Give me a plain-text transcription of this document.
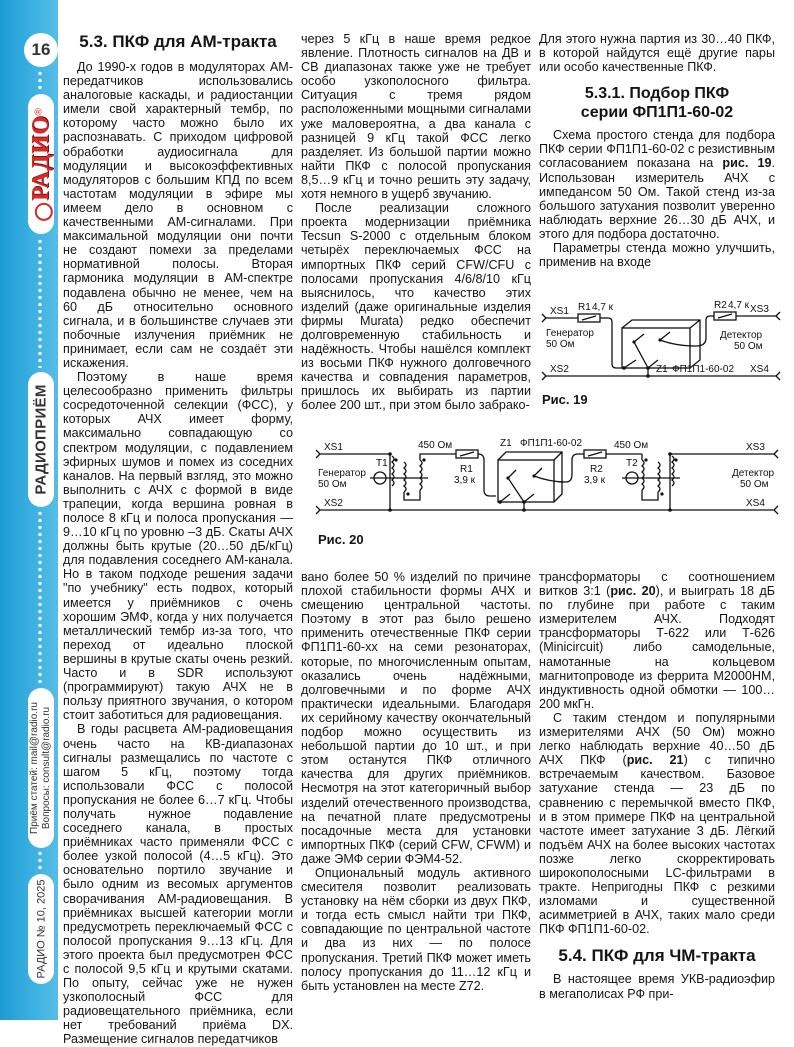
16
РАДИО®
РАДИОПРИЁМ
Приём статей: mail@radio.ru Вопросы: consult@radio.ru
РАДИО № 10, 2025
5.3. ПКФ для АМ-тракта

До 1990-х годов в модуляторах АМ-передатчиков использовались аналоговые каскады, и радиостанции имели свой характерный тембр, по которому часто можно было их распознавать. С приходом цифровой обработки аудиосигнала для модуляции и высокоэффективных модуляторов с большим КПД по всем частотам модуляции в эфире мы имеем дело в основном с качественными АМ-сигналами. При максимальной модуляции они почти не создают помехи за пределами нормативной полосы. Вторая гармоника модуляции в АМ-спектре подавлена обычно не менее, чем на 60 дБ относительно основного сигнала, и в большинстве случаев эти побочные излучения приёмник не принимает, если сам не создаёт эти искажения.

Поэтому в наше время целесообразно применить фильтры сосредоточенной селекции (ФСС), у которых АЧХ имеет форму, максимально совпадающую со спектром модуляции, с подавлением эфирных шумов и помех из соседних каналов. На первый взгляд, это можно выполнить с АЧХ с формой в виде трапеции, когда вершина ровная в полосе 8 кГц и полоса пропускания — 9…10 кГц по уровню –3 дБ. Скаты АЧХ должны быть крутые (20…50 дБ/кГц) для подавления соседнего АМ-канала. Но в таком подходе решения задачи "по учебнику" есть подвох, который имеется у приёмников с очень хорошим ЭМФ, когда у них получается металлический тембр из-за того, что переход от идеально плоской вершины в крутые скаты очень резкий. Часто и в SDR используют (программируют) такую АЧХ не в пользу приятного звучания, о котором стоит заботиться для радиовещания.

В годы расцвета АМ-радиовещания очень часто на КВ-диапазонах сигналы размещались по частоте с шагом 5 кГц, поэтому тогда использовали ФСС с полосой пропускания не более 6…7 кГц. Чтобы получать нужное подавление соседнего канала, в простых приёмниках часто применяли ФСС с более узкой полосой (4…5 кГц). Это основательно портило звучание и было одним из весомых аргументов сворачивания АМ-радиовещания. В приёмниках высшей категории могли предусмотреть переключаемый ФСС с полосой пропускания 9…13 кГц. Для этого проекта был предусмотрен ФСС с полосой 9,5 кГц и крутыми скатами. По опыту, сейчас уже не нужен узкополосный ФСС для радиовещательного приёмника, если нет требований приёма DX. Размещение сигналов передатчиков

через 5 кГц в наше время редкое явление. Плотность сигналов на ДВ и СВ диапазонах также уже не требует особо узкополосного фильтра. Ситуация с тремя рядом расположенными мощными сигналами уже маловероятна, а два канала с разницей 9 кГц такой ФСС легко разделяет. Из большой партии можно найти ПКФ с полосой пропускания 8,5…9 кГц и точно решить эту задачу, хотя немного в ущерб звучанию.

После реализации сложного проекта модернизации приёмника Tecsun S-2000 с отдельным блоком четырёх переключаемых ФСС на импортных ПКФ серий CFW/CFU с полосами пропускания 4/6/8/10 кГц выяснилось, что качество этих изделий (даже оригинальные изделия фирмы Murata) редко обеспечит долговременную стабильность и надёжность. Чтобы нашёлся комплект из восьми ПКФ нужного долговечного качества и совпадения параметров, пришлось их выбирать из партии более 200 шт., при этом было забрако-

Для этого нужна партия из 30…40 ПКФ, в которой найдутся ещё другие пары или особо качественные ПКФ.

5.3.1. Подбор ПКФ
серии ФП1П1-60-02

Схема простого стенда для подбора ПКФ серии ФП1П1-60-02 с резистивным согласованием показана на рис. 19. Использован измеритель АЧХ с импедансом 50 Ом. Такой стенд из-за большого затухания позволит уверенно наблюдать верхние 26…30 дБ АЧХ, и этого для подбора достаточно.

Параметры стенда можно улучшить, применив на входе

XS1 R1 4,7 к
Генератор
50 Ом
R2 4,7 к XS3
Детектор
50 Ом
XS2	Z1 ФП1П1-60-02 XS4
Рис. 19
XS1
Генератор
50 Ом
T1
450 Ом
R1
3,9 к
Z1 ФП1П1-60-02
R2
3,9 к
450 Ом
T2
XS3
Детектор
50 Ом
XS2	XS4
Рис. 20

вано более 50 % изделий по причине плохой стабильности формы АЧХ и смещению центральной частоты. Поэтому в этот раз было решено применить отечественные ПКФ серии ФП1П1-60-хх на семи резонаторах, которые, по многочисленным опытам, оказались очень надёжными, долговечными и по форме АЧХ практически идеальными. Благодаря их серийному качеству окончательный подбор можно осуществить из небольшой партии до 10 шт., и при этом останутся ПКФ отличного качества для других приёмников. Несмотря на этот категоричный выбор изделий отечественного производства, на печатной плате предусмотрены посадочные места для установки импортных ПКФ (серий CFW, CFWM) и даже ЭМФ серии ФЭМ4-52.

Опциональный модуль активного смесителя позволит реализовать установку на нём сборки из двух ПКФ, и тогда есть смысл найти три ПКФ, совпадающие по центральной частоте и два из них — по полосе пропускания. Третий ПКФ может иметь полосу пропускания до 11…12 кГц и быть установлен на месте Z72.

трансформаторы с соотношением витков 3:1 (рис. 20), и выиграть 18 дБ по глубине при работе с таким измерителем АЧХ. Подходят трансформаторы Т-622 или Т-626 (Minicircuit) либо самодельные, намотанные на кольцевом магнитопроводе из феррита М2000НМ, индуктивность одной обмотки — 100…200 мкГн.

С таким стендом и популярными измерителями АЧХ (50 Ом) можно легко наблюдать верхние 40…50 дБ АЧХ ПКФ (рис. 21) с типично встречаемым качеством. Базовое затухание стенда — 23 дБ по сравнению с перемычкой вместо ПКФ, и в этом примере ПКФ на центральной частоте имеет затухание 3 дБ. Лёгкий подъём АЧХ на более высоких частотах позже легко скорректировать широкополосными LC-фильтрами в тракте. Непригодны ПКФ с резкими изломами и существенной асимметрией в АЧХ, таких мало среди ПКФ ФП1П1-60-02.

5.4. ПКФ для ЧМ-тракта

В настоящее время УКВ-радиоэфир в мегаполисах РФ при-
